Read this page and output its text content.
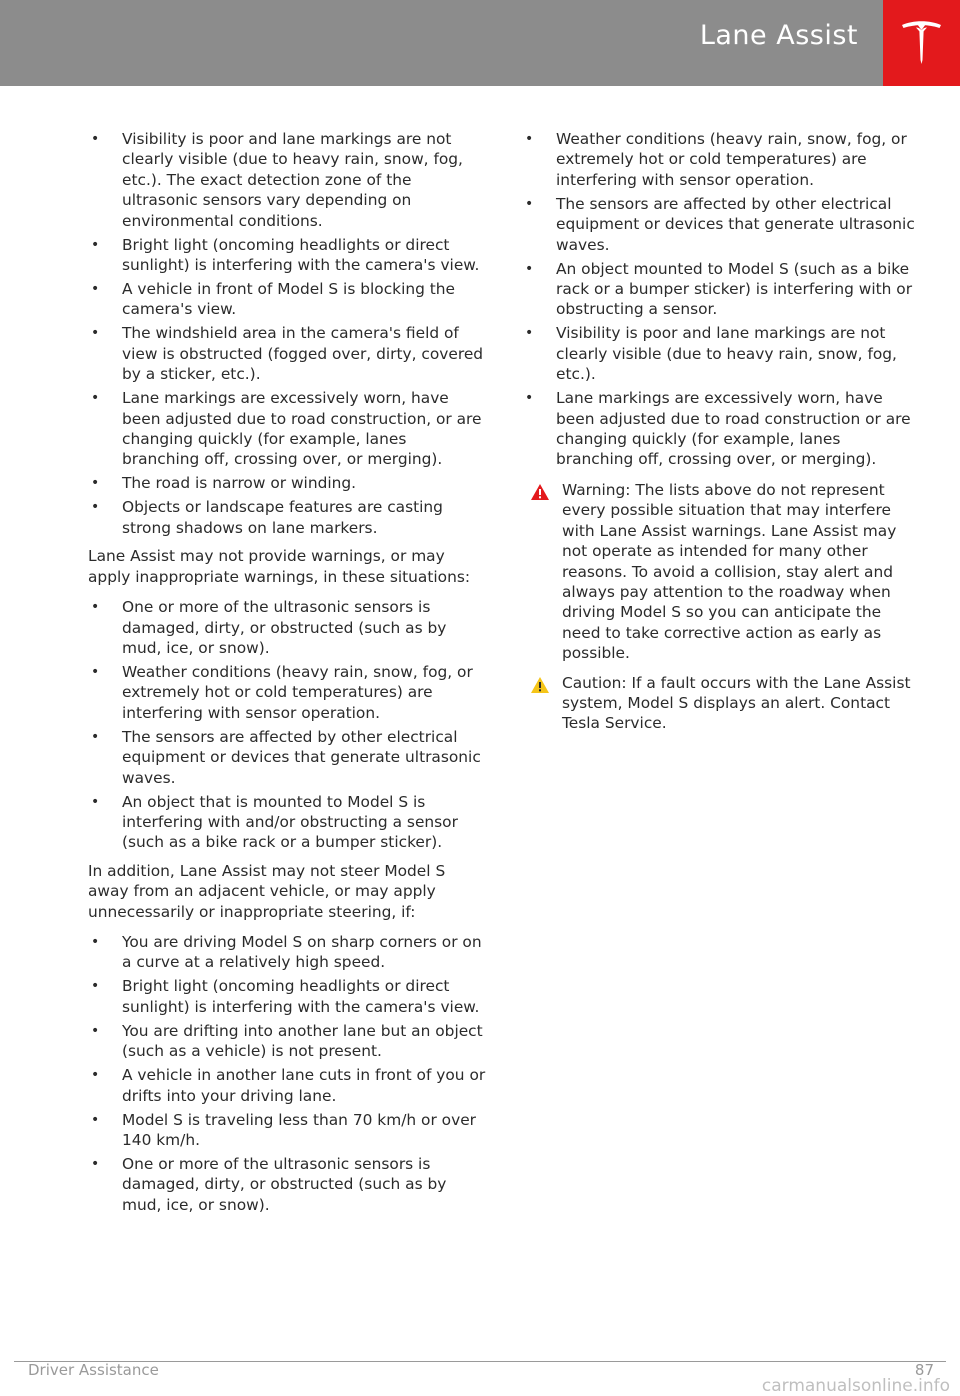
Lane Assist
• Visibility is poor and lane markings are not clearly visible (due to heavy rain, snow, fog, etc.). The exact detection zone of the ultrasonic sensors vary depending on environmental conditions.
• Bright light (oncoming headlights or direct sunlight) is interfering with the camera's view.
• A vehicle in front of Model S is blocking the camera's view.
• The windshield area in the camera's field of view is obstructed (fogged over, dirty, covered by a sticker, etc.).
• Lane markings are excessively worn, have been adjusted due to road construction, or are changing quickly (for example, lanes branching off, crossing over, or merging).
• The road is narrow or winding.
• Objects or landscape features are casting strong shadows on lane markers.

Lane Assist may not provide warnings, or may apply inappropriate warnings, in these situations:

• One or more of the ultrasonic sensors is damaged, dirty, or obstructed (such as by mud, ice, or snow).
• Weather conditions (heavy rain, snow, fog, or extremely hot or cold temperatures) are interfering with sensor operation.
• The sensors are affected by other electrical equipment or devices that generate ultrasonic waves.
• An object that is mounted to Model S is interfering with and/or obstructing a sensor (such as a bike rack or a bumper sticker).

In addition, Lane Assist may not steer Model S away from an adjacent vehicle, or may apply unnecessarily or inappropriate steering, if:

• You are driving Model S on sharp corners or on a curve at a relatively high speed.
• Bright light (oncoming headlights or direct sunlight) is interfering with the camera's view.
• You are drifting into another lane but an object (such as a vehicle) is not present.
• A vehicle in another lane cuts in front of you or drifts into your driving lane.
• Model S is traveling less than 70 km/h or over 140 km/h.
• One or more of the ultrasonic sensors is damaged, dirty, or obstructed (such as by mud, ice, or snow).
• Weather conditions (heavy rain, snow, fog, or extremely hot or cold temperatures) are interfering with sensor operation.
• The sensors are affected by other electrical equipment or devices that generate ultrasonic waves.
• An object mounted to Model S (such as a bike rack or a bumper sticker) is interfering with or obstructing a sensor.
• Visibility is poor and lane markings are not clearly visible (due to heavy rain, snow, fog, etc.).
• Lane markings are excessively worn, have been adjusted due to road construction or are changing quickly (for example, lanes branching off, crossing over, or merging).
Warning: The lists above do not represent every possible situation that may interfere with Lane Assist warnings. Lane Assist may not operate as intended for many other reasons. To avoid a collision, stay alert and always pay attention to the roadway when driving Model S so you can anticipate the need to take corrective action as early as possible.
Caution: If a fault occurs with the Lane Assist system, Model S displays an alert. Contact Tesla Service.
Driver Assistance	87
carmanualsonline.info
